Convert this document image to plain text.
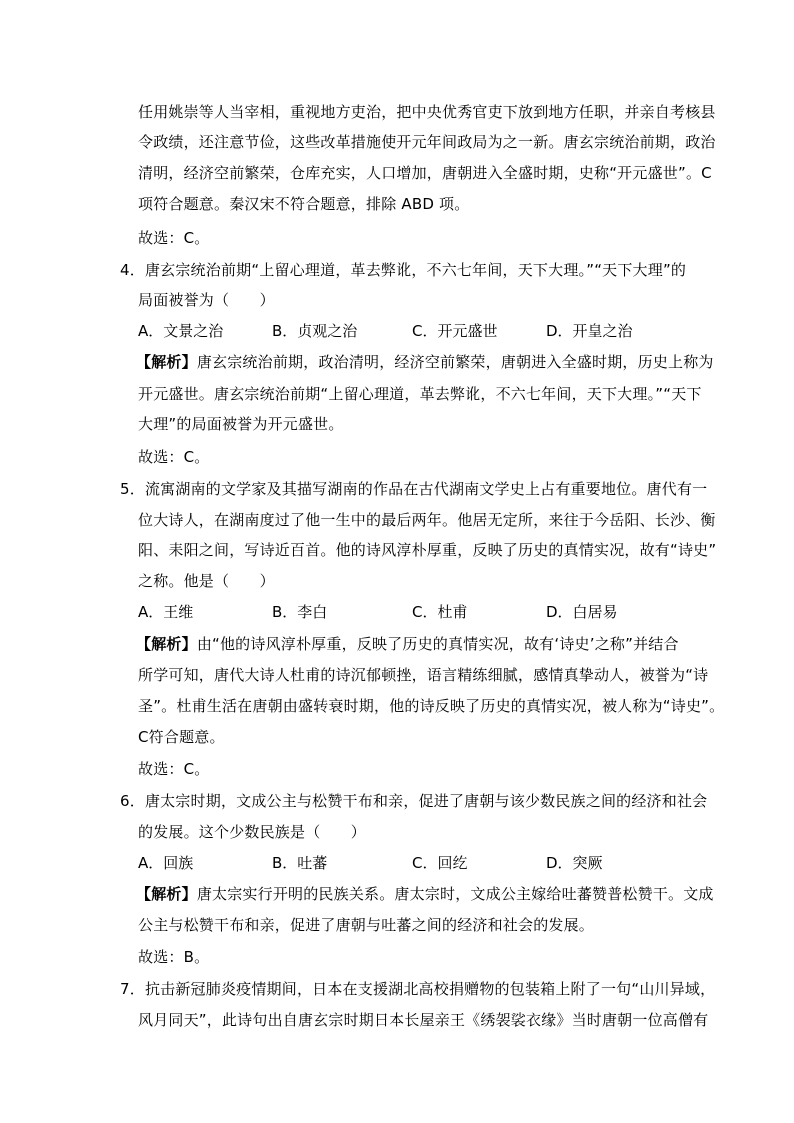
任用姚崇等人当宰相，重视地方吏治，把中央优秀官吏下放到地方任职，并亲自考核县
令政绩，还注意节俭，这些改革措施使开元年间政局为之一新。唐玄宗统治前期，政治
清明，经济空前繁荣，仓库充实，人口增加，唐朝进入全盛时期，史称“开元盛世”。C
项符合题意。秦汉宋不符合题意，排除 ABD 项。
故选：C。
4．唐玄宗统治前期“上留心理道，革去弊讹，不六七年间，天下大理。”“天下大理”的
局面被誉为（　　）
A．文景之治	B．贞观之治	C．开元盛世	D．开皇之治
【解析】唐玄宗统治前期，政治清明，经济空前繁荣，唐朝进入全盛时期，历史上称为
开元盛世。唐玄宗统治前期“上留心理道，革去弊讹，不六七年间，天下大理。”“天下
大理”的局面被誉为开元盛世。
故选：C。
5．流寓湖南的文学家及其描写湖南的作品在古代湖南文学史上占有重要地位。唐代有一
位大诗人，在湖南度过了他一生中的最后两年。他居无定所，来往于今岳阳、长沙、衡
阳、耒阳之间，写诗近百首。他的诗风淳朴厚重，反映了历史的真情实况，故有“诗史”
之称。他是（　　）
A．王维	B．李白	C．杜甫	D．白居易
【解析】由“他的诗风淳朴厚重，反映了历史的真情实况，故有‘诗史’之称”并结合
所学可知，唐代大诗人杜甫的诗沉郁顿挫，语言精练细腻，感情真挚动人，被誉为“诗
圣”。杜甫生活在唐朝由盛转衰时期，他的诗反映了历史的真情实况，被人称为“诗史”。
C符合题意。
故选：C。
6．唐太宗时期，文成公主与松赞干布和亲，促进了唐朝与该少数民族之间的经济和社会
的发展。这个少数民族是（　　）
A．回族	B．吐蕃	C．回纥	D．突厥
【解析】唐太宗实行开明的民族关系。唐太宗时，文成公主嫁给吐蕃赞普松赞干。文成
公主与松赞干布和亲，促进了唐朝与吐蕃之间的经济和社会的发展。
故选：B。
7．抗击新冠肺炎疫情期间，日本在支援湖北高校捐赠物的包装箱上附了一句“山川异域，
风月同天”，此诗句出自唐玄宗时期日本长屋亲王《绣袈裟衣缘》当时唐朝一位高僧有
